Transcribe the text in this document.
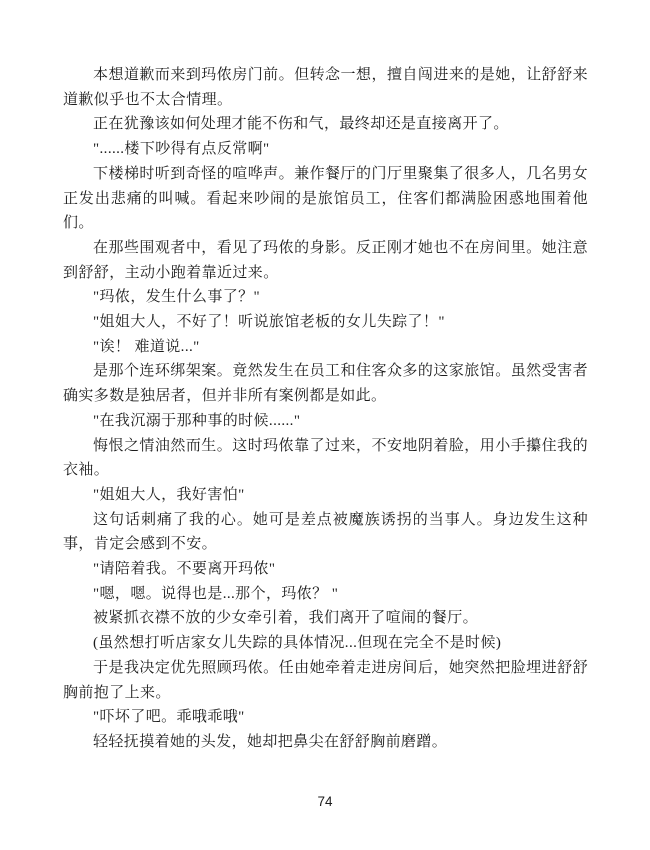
本想道歉而来到玛侬房门前。但转念一想，擅自闯进来的是她，让舒舒来道歉似乎也不太合情理。

正在犹豫该如何处理才能不伤和气，最终却还是直接离开了。

"......楼下吵得有点反常啊"

下楼梯时听到奇怪的喧哗声。兼作餐厅的门厅里聚集了很多人，几名男女正发出悲痛的叫喊。看起来吵闹的是旅馆员工，住客们都满脸困惑地围着他们。

在那些围观者中，看见了玛侬的身影。反正刚才她也不在房间里。她注意到舒舒，主动小跑着靠近过来。

"玛侬，发生什么事了？"

"姐姐大人，不好了！听说旅馆老板的女儿失踪了！"

"诶！ 难道说..."

是那个连环绑架案。竟然发生在员工和住客众多的这家旅馆。虽然受害者确实多数是独居者，但并非所有案例都是如此。

"在我沉溺于那种事的时候......"

悔恨之情油然而生。这时玛侬靠了过来，不安地阴着脸，用小手攥住我的衣袖。

"姐姐大人，我好害怕"

这句话刺痛了我的心。她可是差点被魔族诱拐的当事人。身边发生这种事，肯定会感到不安。

"请陪着我。不要离开玛侬"

"嗯，嗯。说得也是...那个，玛侬？ "

被紧抓衣襟不放的少女牵引着，我们离开了喧闹的餐厅。

(虽然想打听店家女儿失踪的具体情况...但现在完全不是时候)

于是我决定优先照顾玛侬。任由她牵着走进房间后，她突然把脸埋进舒舒胸前抱了上来。

"吓坏了吧。乖哦乖哦"

轻轻抚摸着她的头发，她却把鼻尖在舒舒胸前磨蹭。

74
